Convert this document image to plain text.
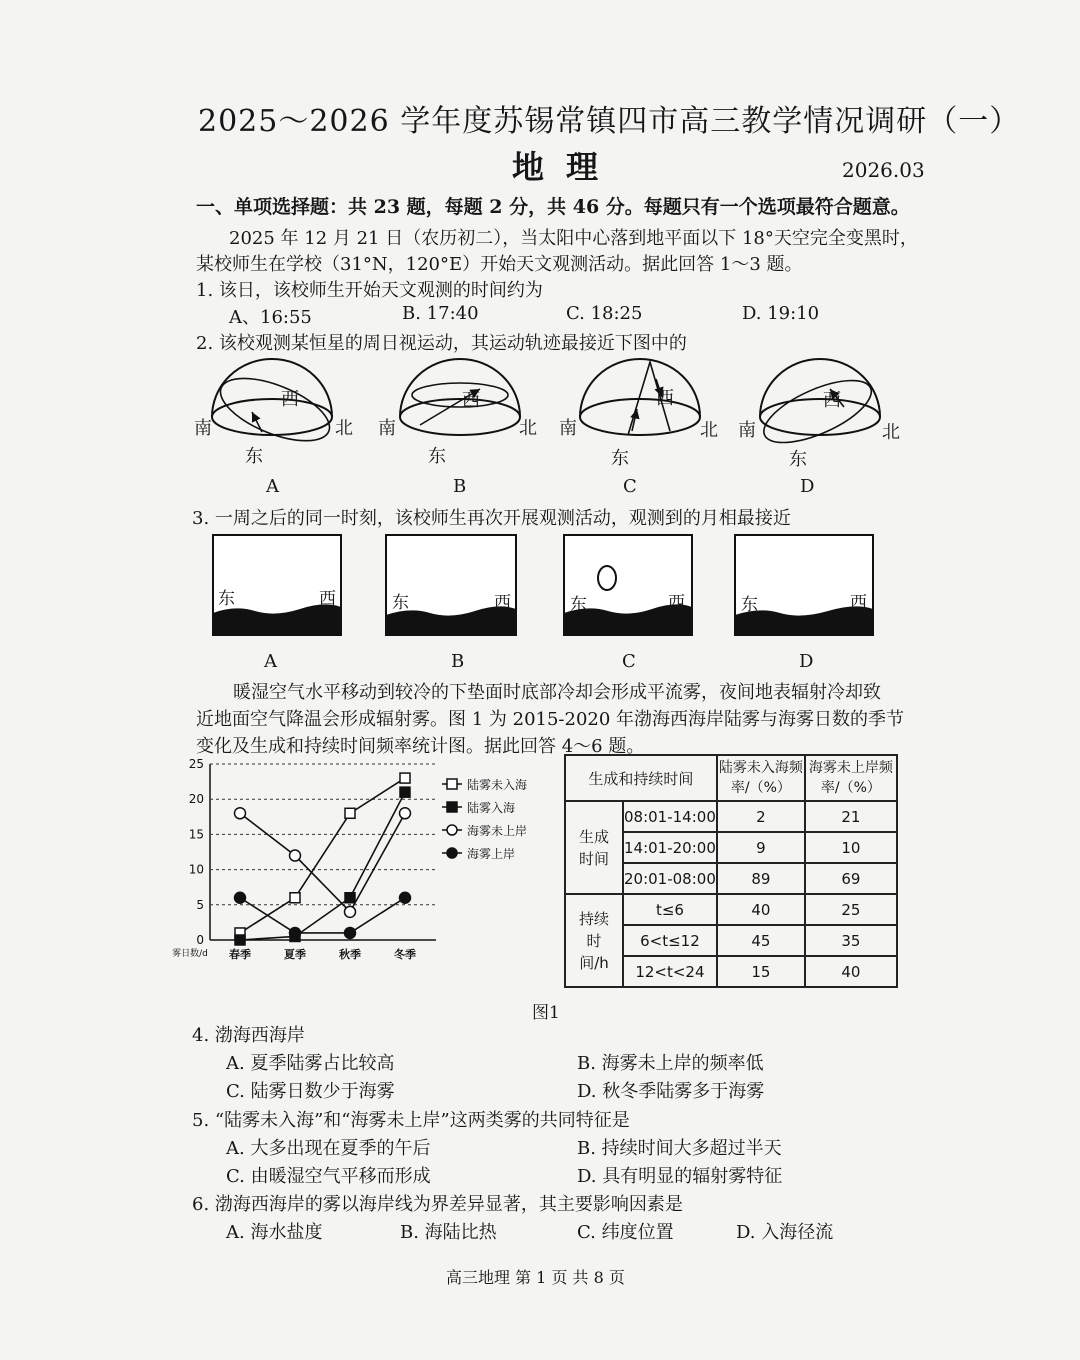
2025～2026 学年度苏锡常镇四市高三教学情况调研（一）
地理	2026.03
一、单项选择题：共 23 题，每题 2 分，共 46 分。每题只有一个选项最符合题意。
2025 年 12 月 21 日（农历初二），当太阳中心落到地平面以下 18°天空完全变黑时，
某校师生在学校（31°N，120°E）开始天文观测活动。据此回答 1～3 题。
1. 该日，该校师生开始天文观测的时间约为
A、16:55	B. 17:40	C. 18:25	D. 19:10
2. 该校观测某恒星的周日视运动，其运动轨迹最接近下图中的
南	北
东
西
南	北
东
西
南	北
东
西
南	北
东
西
A	B	C	D
3. 一周之后的同一时刻，该校师生再次开展观测活动，观测到的月相最接近
东	西	东	西	东	西	东	西
A	B	C	D
暖湿空气水平移动到较冷的下垫面时底部冷却会形成平流雾，夜间地表辐射冷却致
近地面空气降温会形成辐射雾。图 1 为 2015-2020 年渤海西海岸陆雾与海雾日数的季节
变化及生成和持续时间频率统计图。据此回答 4～6 题。
0
5
10
15
20
25
春季	夏季	秋季	冬季
雾日数/d
陆雾未入海
陆雾入海
海雾未上岸
海雾上岸
生成和持续时间		陆雾未入海频率/（%）	海雾未上岸频率/（%）
生成时间	08:01-14:00	2	21
	14:01-20:00	9	10
	20:01-08:00	89	69
持续时间/h	t≤6	40	25
	6<t≤12	45	35
	12<t<24	15	40
图1
4. 渤海西海岸
A. 夏季陆雾占比较高	B. 海雾未上岸的频率低
C. 陆雾日数少于海雾	D. 秋冬季陆雾多于海雾
5. “陆雾未入海”和“海雾未上岸”这两类雾的共同特征是
A. 大多出现在夏季的午后	B. 持续时间大多超过半天
C. 由暖湿空气平移而形成	D. 具有明显的辐射雾特征
6. 渤海西海岸的雾以海岸线为界差异显著，其主要影响因素是
A. 海水盐度	B. 海陆比热	C. 纬度位置	D. 入海径流
高三地理 第 1 页 共 8 页
